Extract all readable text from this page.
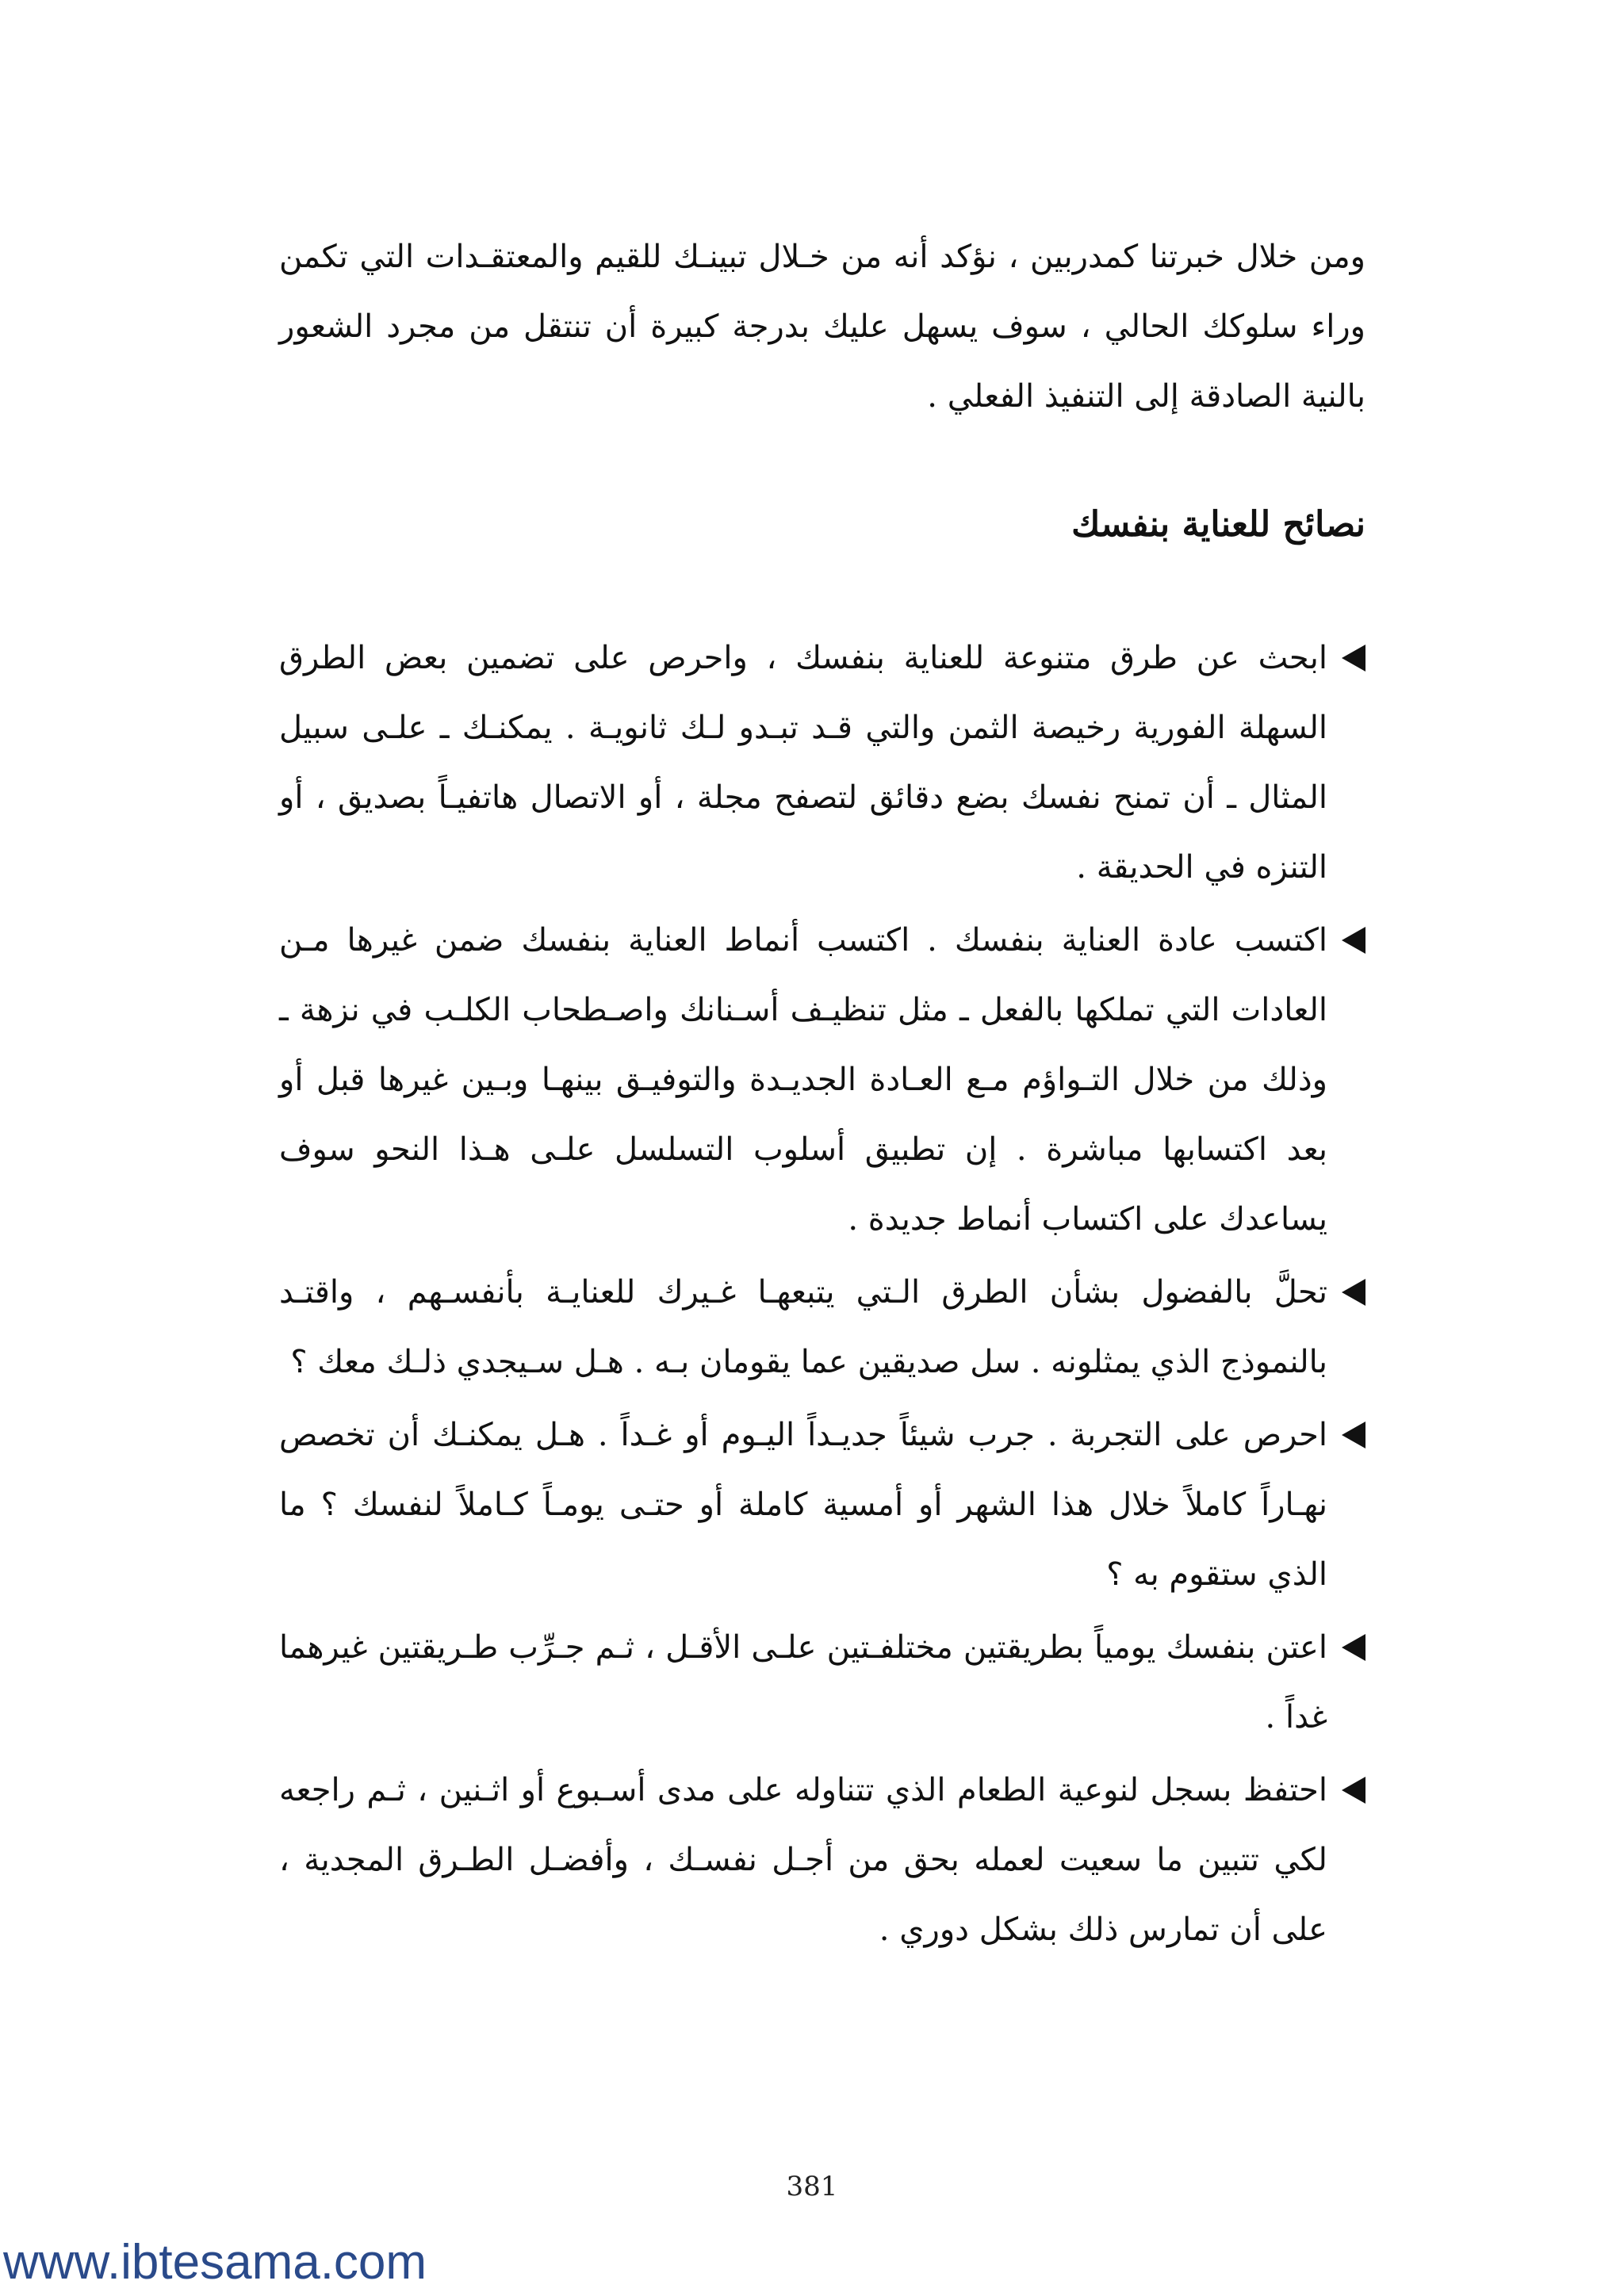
ومن خلال خبرتنا كمدربين ، نؤكد أنه من خـلال تبينـك للقيم والمعتقـدات التي تكمن وراء سلوكك الحالي ، سوف يسهل عليك بدرجة كبيرة أن تنتقل من مجرد الشعور بالنية الصادقة إلى التنفيذ الفعلي .

نصائح للعناية بنفسك
ابحث عن طرق متنوعة للعناية بنفسك ، واحرص على تضمين بعض الطرق السهلة الفورية رخيصة الثمن والتي قـد تبـدو لـك ثانويـة . يمكنـك ـ علـى سبيل المثال ـ أن تمنح نفسك بضع دقائق لتصفح مجلة ، أو الاتصال هاتفيـاً بصديق ، أو التنزه في الحديقة .
اكتسب عادة العناية بنفسك . اكتسب أنماط العناية بنفسك ضمن غيرها مـن العادات التي تملكها بالفعل ـ مثل تنظيـف أسـنانك واصـطحاب الكلـب في نزهة ـ وذلك من خلال التـواؤم مـع العـادة الجديـدة والتوفيـق بينهـا وبـين غيرها قبل أو بعد اكتسابها مباشرة . إن تطبيق أسلوب التسلسل علـى هـذا النحو سوف يساعدك على اكتساب أنماط جديدة .
تحلَّ بالفضول بشأن الطرق الـتي يتبعهـا غـيرك للعنايـة بأنفسـهم ، واقتـد بالنموذج الذي يمثلونه . سل صديقين عما يقومان بـه . هـل سـيجدي ذلـك معك ؟
احرص على التجربة . جرب شيئاً جديـداً اليـوم أو غـداً . هـل يمكنـك أن تخصص نهـاراً كاملاً خلال هذا الشهر أو أمسية كاملة أو حتـى يومـاً كـاملاً لنفسك ؟ ما الذي ستقوم به ؟
اعتن بنفسك يومياً بطريقتين مختلفـتين علـى الأقـل ، ثـم جـرِّب طـريقتين غيرهما غداً .
احتفظ بسجل لنوعية الطعام الذي تتناوله على مدى أسـبوع أو اثـنين ، ثـم راجعه لكي تتبين ما سعيت لعمله بحق من أجـل نفسـك ، وأفضـل الطـرق المجدية ، على أن تمارس ذلك بشكل دوري .
381
www.ibtesama.com
